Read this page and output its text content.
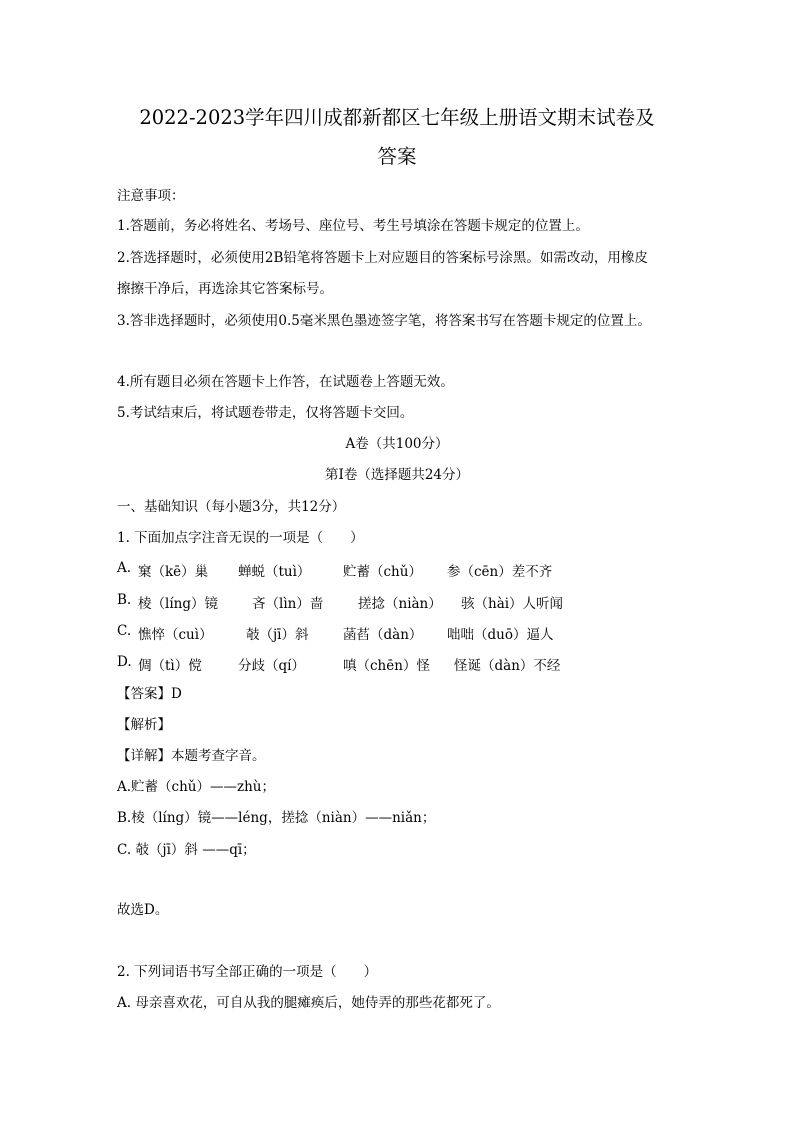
2022-2023学年四川成都新都区七年级上册语文期末试卷及
答案
注意事项：
1.答题前，务必将姓名、考场号、座位号、考生号填涂在答题卡规定的位置上。
2.答选择题时，必须使用2B铅笔将答题卡上对应题目的答案标号涂黑。如需改动，用橡皮
擦擦干净后，再选涂其它答案标号。
3.答非选择题时，必须使用0.5毫米黑色墨迹签字笔，将答案书写在答题卡规定的位置上。
4.所有题目必须在答题卡上作答，在试题卷上答题无效。
5.考试结束后，将试题卷带走，仅将答题卡交回。
A卷（共100分）
第Ⅰ卷（选择题共24分）
一、基础知识（每小题3分，共12分）
1. 下面加点字注音无误的一项是（　　）
A. 窠（kē）巢 蝉蜕（tuì） 贮蓄（chǔ） 参（cēn）差不齐
B. 棱（líng）镜	吝（lìn）啬	搓捻（niàn） 骇（hài）人听闻
C. 憔悴（cuì） 攲（jī）斜	菡萏（dàn） 咄咄（duō）逼人
D. 倜（tì）傥	分歧（qí）	嗔（chēn）怪 怪诞（dàn）不经
【答案】D
【解析】
【详解】本题考查字音。
A.贮蓄（chǔ）——zhù；
B.棱（líng）镜——léng，搓捻（niàn）——niǎn；
C. 攲（jī）斜 ——qī；
故选D。
2. 下列词语书写全部正确的一项是（　　）
A. 母亲喜欢花，可自从我的腿瘫痪后，她侍弄的那些花都死了。
